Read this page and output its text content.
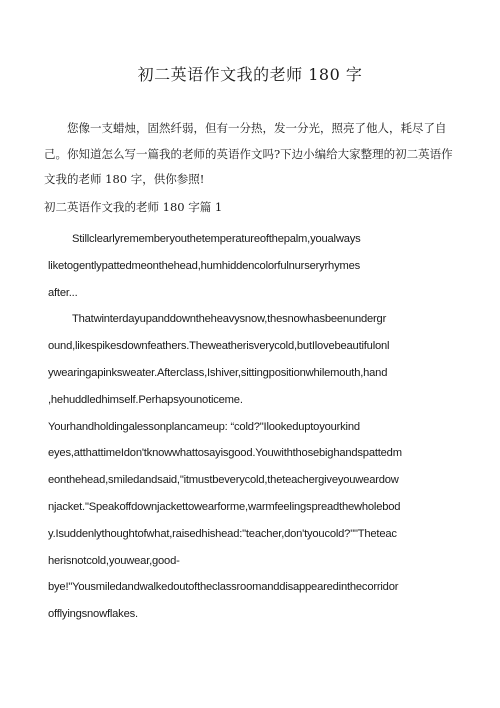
初二英语作文我的老师 180 字

您像一支蜡烛，固然纤弱，但有一分热，发一分光，照亮了他人，耗尽了自己。你知道怎么写一篇我的老师的英语作文吗?下边小编给大家整理的初二英语作文我的老师 180 字，供你参照!

初二英语作文我的老师 180 字篇 1
Stillclearlyrememberyouthetemperatureofthepalm,youalways
liketogentlypattedmeonthehead,humhiddencolorfulnurseryrhymes
after...
Thatwinterdayupanddowntheheavysnow,thesnowhasbeenundergr
ound,likespikesdownfeathers.Theweatherisverycold,butIlovebeautifulonl
ywearingapinksweater.Afterclass,Ishiver,sittingpositionwhilemouth,hand
,hehuddledhimself.Perhapsyounoticeme.
Yourhandholdingalessonplancameup: “cold?"Ilookeduptoyourkind
eyes,atthattimeIdon'tknowwhattosayisgood.Youwiththosebighandspattedm
eonthehead,smiledandsaid,"itmustbeverycold,theteachergiveyouweardow
njacket."Speakoffdownjackettowearforme,warmfeelingspreadthewholebod
y.Isuddenlythoughtofwhat,raisedhishead:"teacher,don'tyoucold?""Theteac
herisnotcold,youwear,good-
bye!"Yousmiledandwalkedoutoftheclassroomanddisappearedinthecorridor
offlyingsnowflakes.
